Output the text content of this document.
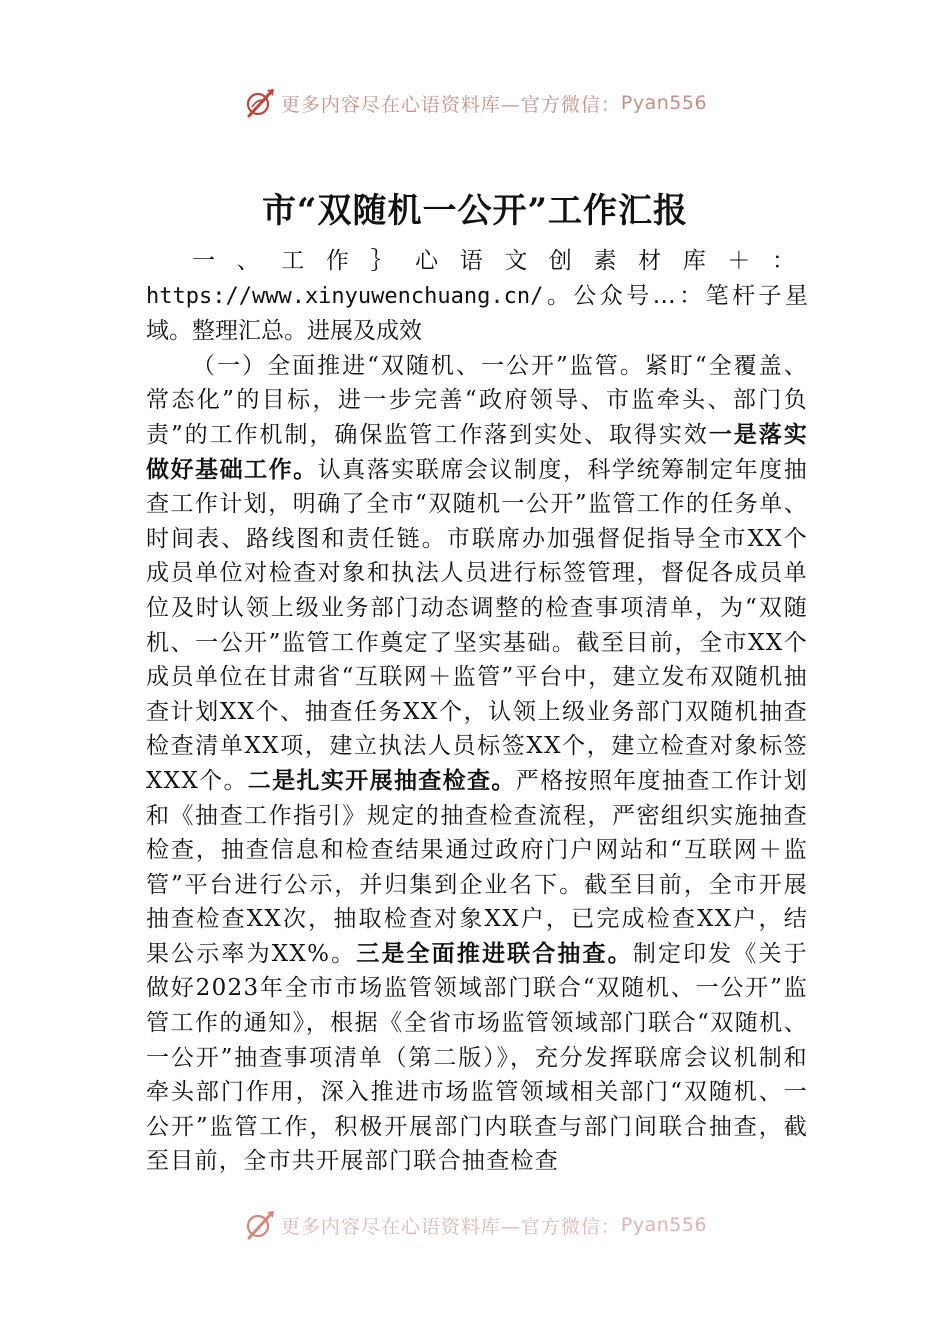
更多内容尽在心语资料库—官方微信： Pyan556
市“双随机一公开”工作汇报

一、工作｝心语文创素材库＋：https://www.xinyuwenchuang.cn/。公众号…：笔杆子星域。整理汇总。进展及成效

（一）全面推进“双随机、一公开”监管。紧盯“全覆盖、常态化”的目标，进一步完善“政府领导、市监牵头、部门负责”的工作机制，确保监管工作落到实处、取得实效一是落实做好基础工作。认真落实联席会议制度，科学统筹制定年度抽查工作计划，明确了全市“双随机一公开”监管工作的任务单、时间表、路线图和责任链。市联席办加强督促指导全市XX个成员单位对检查对象和执法人员进行标签管理，督促各成员单位及时认领上级业务部门动态调整的检查事项清单，为“双随机、一公开”监管工作奠定了坚实基础。截至目前，全市XX个成员单位在甘肃省“互联网＋监管”平台中，建立发布双随机抽查计划XX个、抽查任务XX个，认领上级业务部门双随机抽查检查清单XX项，建立执法人员标签XX个，建立检查对象标签XXX个。二是扎实开展抽查检查。严格按照年度抽查工作计划和《抽查工作指引》规定的抽查检查流程，严密组织实施抽查检查，抽查信息和检查结果通过政府门户网站和“互联网＋监管”平台进行公示，并归集到企业名下。截至目前，全市开展抽查检查XX次，抽取检查对象XX户，已完成检查XX户，结果公示率为XX%。三是全面推进联合抽查。制定印发《关于做好2023年全市市场监管领域部门联合“双随机、一公开”监管工作的通知》，根据《全省市场监管领域部门联合“双随机、一公开”抽查事项清单（第二版）》，充分发挥联席会议机制和牵头部门作用，深入推进市场监管领域相关部门“双随机、一公开”监管工作，积极开展部门内联查与部门间联合抽查，截至目前，全市共开展部门联合抽查检查

更多内容尽在心语资料库—官方微信： Pyan556
